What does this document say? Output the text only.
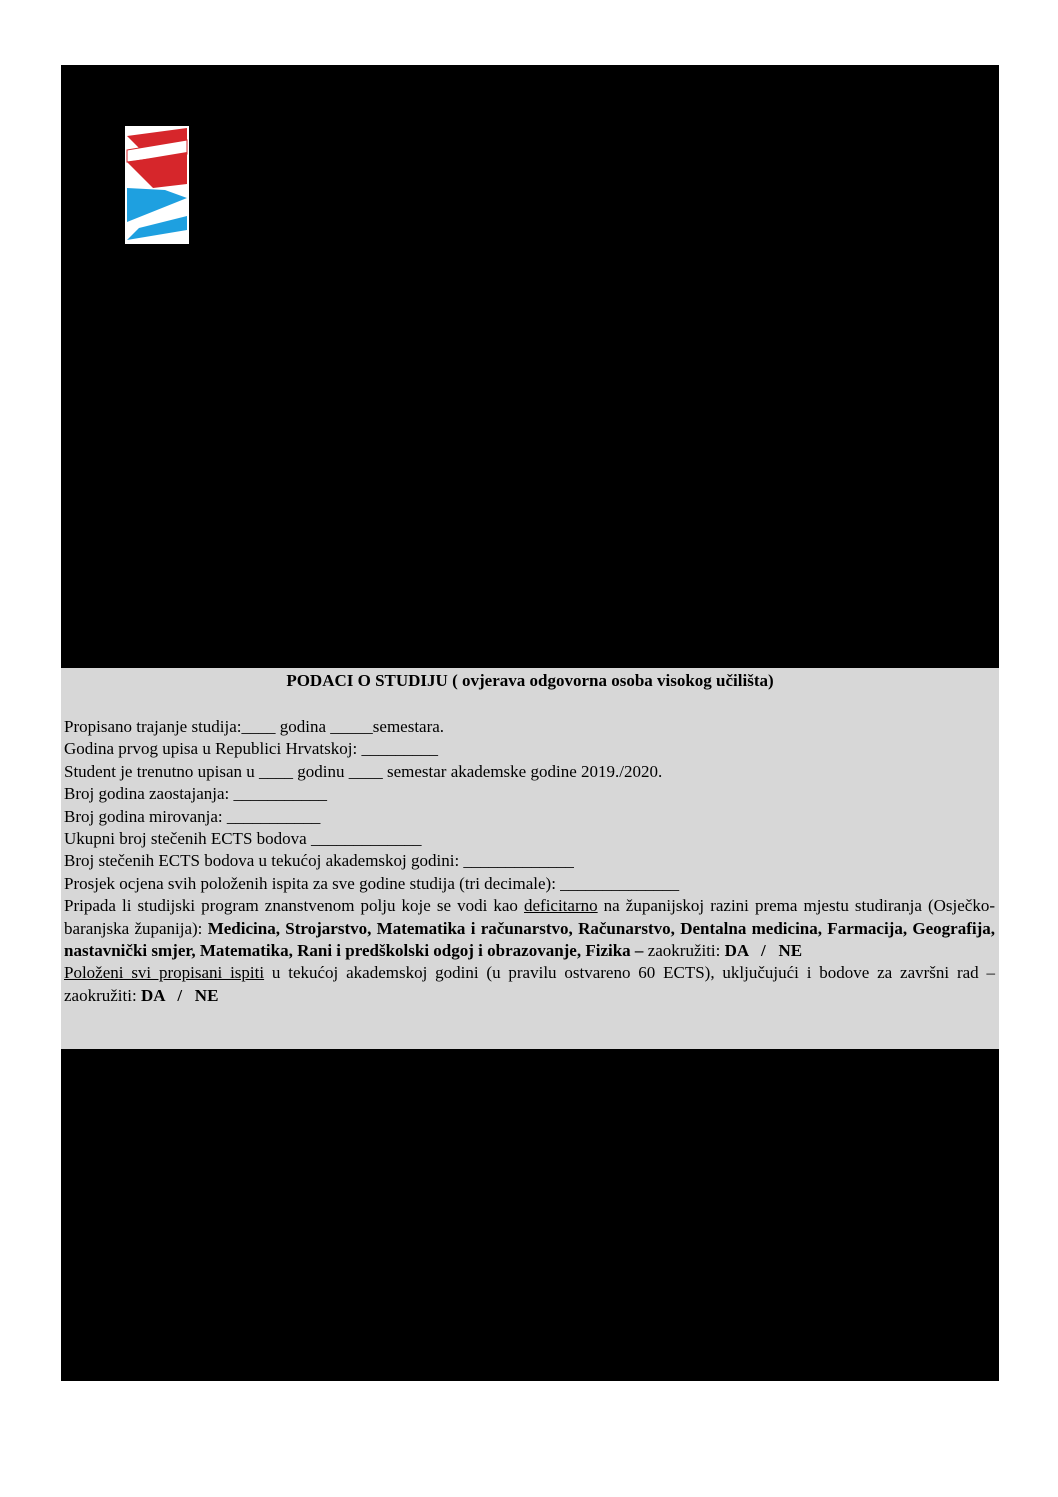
PODACI O STUDIJU ( ovjerava odgovorna osoba visokog učilišta)
Propisano trajanje studija:____ godina _____semestara.
Godina prvog upisa u Republici Hrvatskoj: _________
Student je trenutno upisan u ____ godinu ____ semestar akademske godine 2019./2020.
Broj godina zaostajanja: ___________
Broj godina mirovanja: ___________
Ukupni broj stečenih ECTS bodova _____________
Broj stečenih ECTS bodova u tekućoj akademskoj godini: _____________
Prosjek ocjena svih položenih ispita za sve godine studija (tri decimale): ______________
Pripada li studijski program znanstvenom polju koje se vodi kao deficitarno na županijskoj razini prema mjestu studiranja (Osječko-baranjska županija): Medicina, Strojarstvo, Matematika i računarstvo, Računarstvo, Dentalna medicina, Farmacija, Geografija, nastavnički smjer, Matematika, Rani i predškolski odgoj i obrazovanje, Fizika – zaokružiti: DA   /   NE
Položeni svi propisani ispiti u tekućoj akademskoj godini (u pravilu ostvareno 60 ECTS), uključujući i bodove za završni rad – zaokružiti: DA   /   NE
